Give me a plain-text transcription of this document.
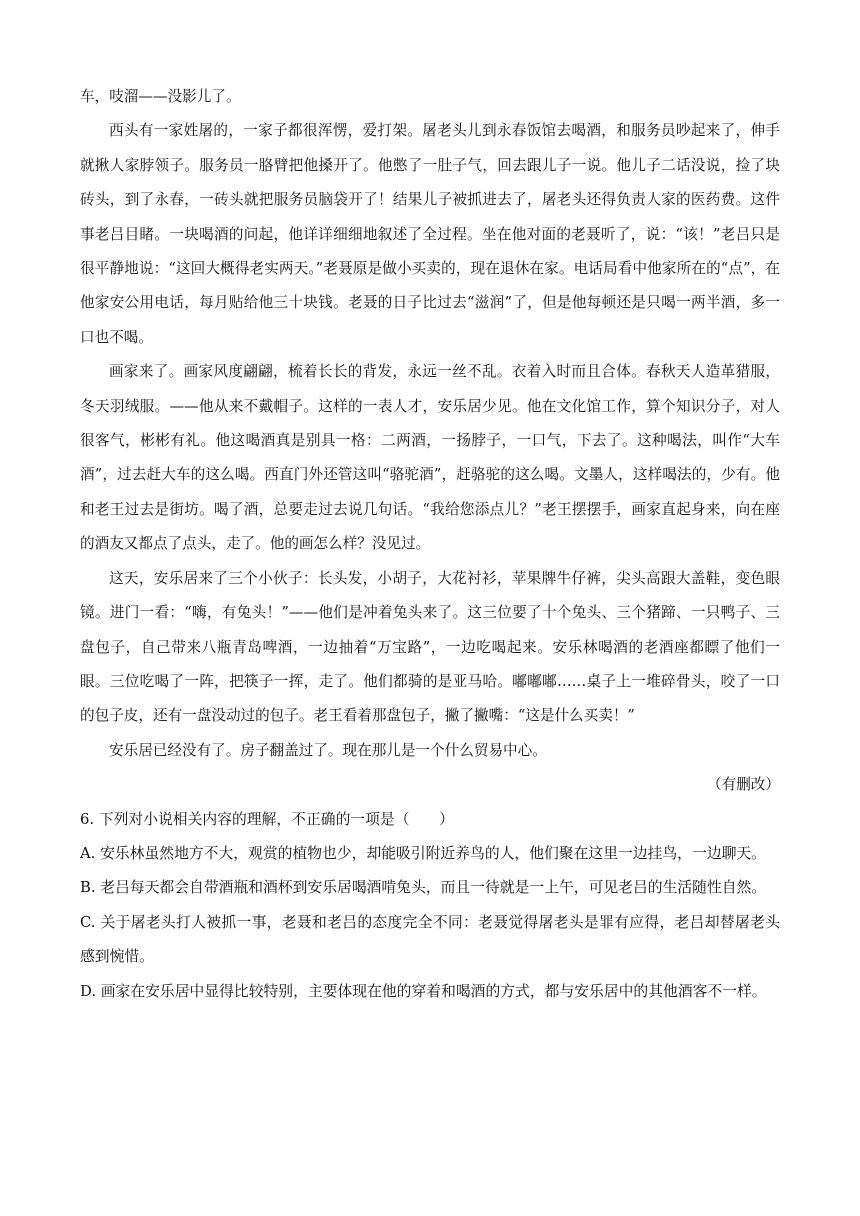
车，吱溜——没影儿了。

西头有一家姓屠的，一家子都很浑愣，爱打架。屠老头儿到永春饭馆去喝酒，和服务员吵起来了，伸手就揪人家脖领子。服务员一胳臂把他搡开了。他憋了一肚子气，回去跟儿子一说。他儿子二话没说，捡了块砖头，到了永春，一砖头就把服务员脑袋开了！结果儿子被抓进去了，屠老头还得负责人家的医药费。这件事老吕目睹。一块喝酒的问起，他详详细细地叙述了全过程。坐在他对面的老聂听了，说：“该！”老吕只是很平静地说：“这回大概得老实两天。”老聂原是做小买卖的，现在退休在家。电话局看中他家所在的“点”，在他家安公用电话，每月贴给他三十块钱。老聂的日子比过去“滋润”了，但是他每顿还是只喝一两半酒，多一口也不喝。

画家来了。画家风度翩翩，梳着长长的背发，永远一丝不乱。衣着入时而且合体。春秋天人造革猎服，冬天羽绒服。——他从来不戴帽子。这样的一表人才，安乐居少见。他在文化馆工作，算个知识分子，对人很客气，彬彬有礼。他这喝酒真是别具一格：二两酒，一扬脖子，一口气，下去了。这种喝法，叫作“大车酒”，过去赶大车的这么喝。西直门外还管这叫“骆驼酒”，赶骆驼的这么喝。文墨人，这样喝法的，少有。他和老王过去是街坊。喝了酒，总要走过去说几句话。“我给您添点儿？”老王摆摆手，画家直起身来，向在座的酒友又都点了点头，走了。他的画怎么样？没见过。

这天，安乐居来了三个小伙子：长头发，小胡子，大花衬衫，苹果牌牛仔裤，尖头高跟大盖鞋，变色眼镜。进门一看：“嗨，有兔头！”——他们是冲着兔头来了。这三位要了十个兔头、三个猪蹄、一只鸭子、三盘包子，自己带来八瓶青岛啤酒，一边抽着“万宝路”，一边吃喝起来。安乐林喝酒的老酒座都瞟了他们一眼。三位吃喝了一阵，把筷子一挥，走了。他们都骑的是亚马哈。嘟嘟嘟……桌子上一堆碎骨头，咬了一口的包子皮，还有一盘没动过的包子。老王看着那盘包子，撇了撇嘴：“这是什么买卖！”

安乐居已经没有了。房子翻盖过了。现在那儿是一个什么贸易中心。

（有删改）

6. 下列对小说相关内容的理解，不正确的一项是（　　）

A. 安乐林虽然地方不大，观赏的植物也少，却能吸引附近养鸟的人，他们聚在这里一边挂鸟，一边聊天。

B. 老吕每天都会自带酒瓶和酒杯到安乐居喝酒啃兔头，而且一待就是一上午，可见老吕的生活随性自然。

C. 关于屠老头打人被抓一事，老聂和老吕的态度完全不同：老聂觉得屠老头是罪有应得，老吕却替屠老头感到惋惜。

D. 画家在安乐居中显得比较特别，主要体现在他的穿着和喝酒的方式，都与安乐居中的其他酒客不一样。
